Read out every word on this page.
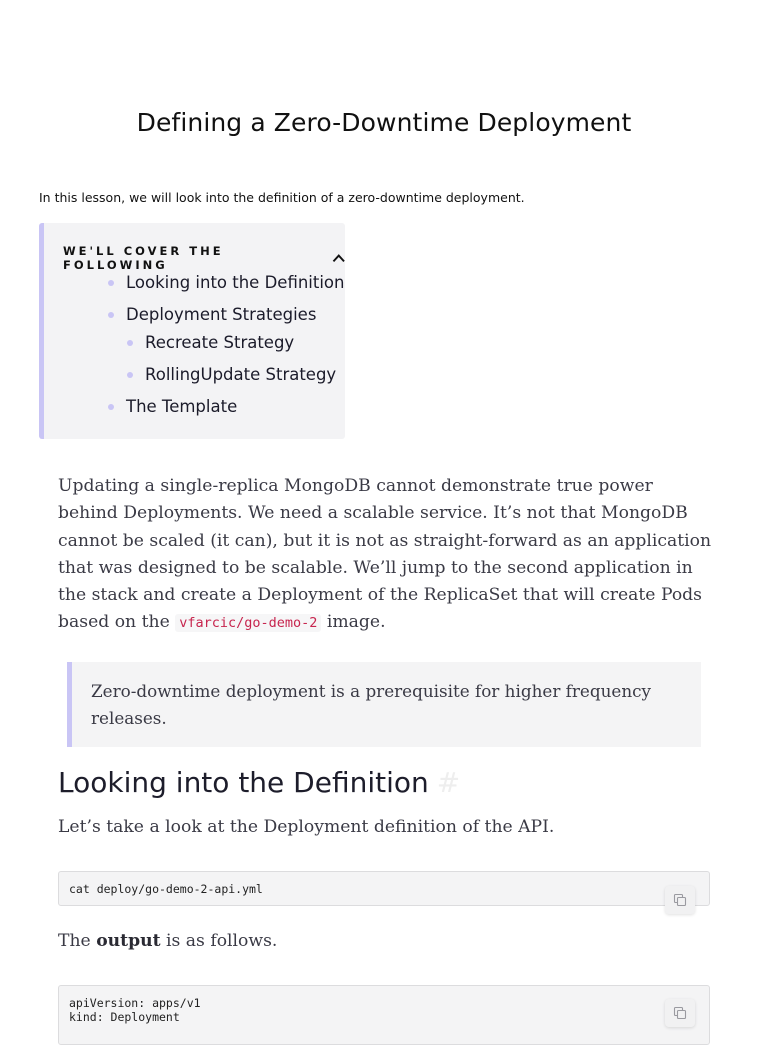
Defining a Zero-Downtime Deployment

In this lesson, we will look into the definition of a zero-downtime deployment.

WE'LL COVER THE FOLLOWING
Looking into the Definition
Deployment Strategies
Recreate Strategy
RollingUpdate Strategy
The Template

Updating a single-replica MongoDB cannot demonstrate true power behind Deployments. We need a scalable service. It’s not that MongoDB cannot be scaled (it can), but it is not as straight-forward as an application that was designed to be scalable. We’ll jump to the second application in the stack and create a Deployment of the ReplicaSet that will create Pods based on the vfarcic/go-demo-2 image.

Zero-downtime deployment is a prerequisite for higher frequency releases.

Looking into the Definition #

Let’s take a look at the Deployment definition of the API.

cat deploy/go-demo-2-api.yml

The output is as follows.

apiVersion: apps/v1
kind: Deployment
